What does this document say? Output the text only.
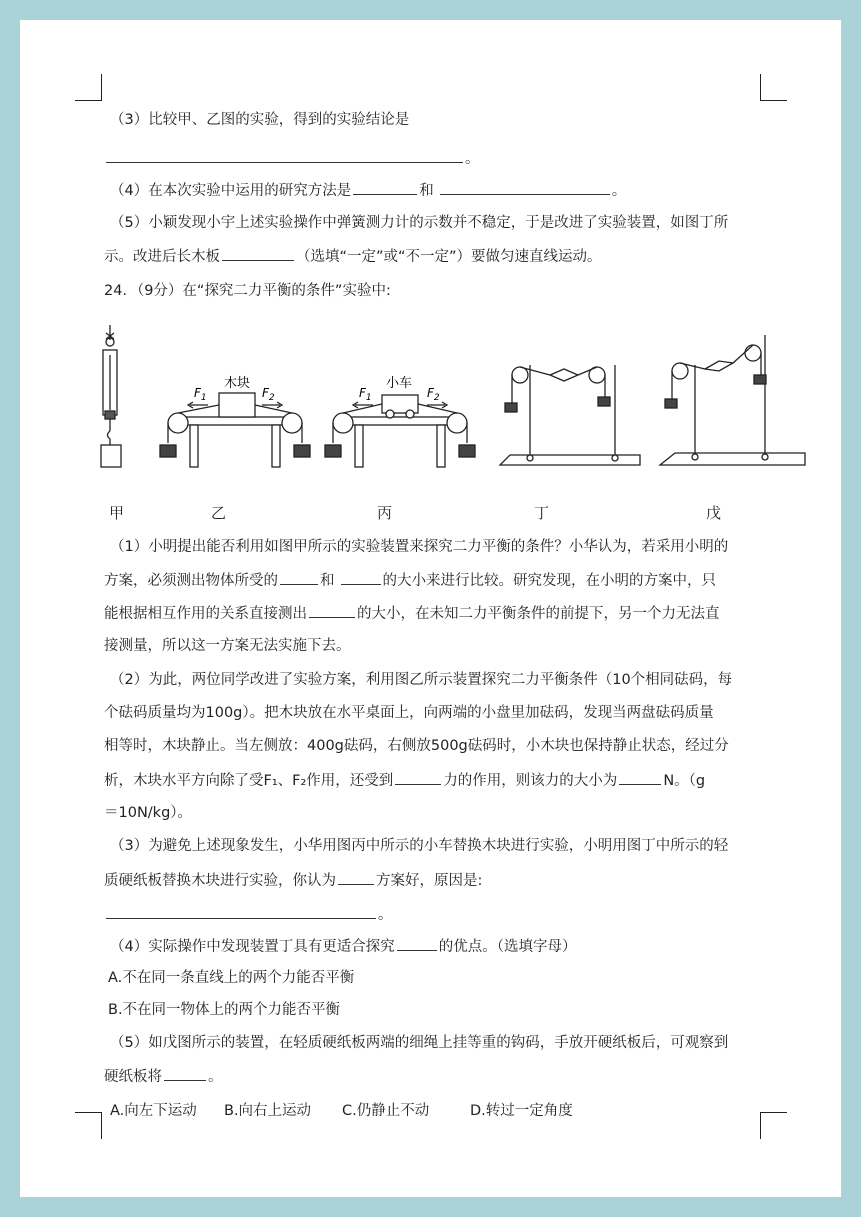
（3）比较甲、乙图的实验，得到的实验结论是
。
（4）在本次实验中运用的研究方法是	和	。
（5）小颖发现小宇上述实验操作中弹簧测力计的示数并不稳定，于是改进了实验装置，如图丁所
示。改进后长木板	（选填“一定”或“不一定”）要做匀速直线运动。
24．（9分）在“探究二力平衡的条件”实验中:
木块	小车
$F_1$	$F_2$	$F_1$	$F_2$
甲	乙	丙	丁	戊
（1）小明提出能否利用如图甲所示的实验装置来探究二力平衡的条件？小华认为，若采用小明的
方案，必须测出物体所受的	和	的大小来进行比较。研究发现，在小明的方案中，只
能根据相互作用的关系直接测出	的大小，在未知二力平衡条件的前提下，另一个力无法直
接测量，所以这一方案无法实施下去。
（2）为此，两位同学改进了实验方案，利用图乙所示装置探究二力平衡条件（10个相同砝码，每
个砝码质量均为100g）。把木块放在水平桌面上，向两端的小盘里加砝码，发现当两盘砝码质量
相等时，木块静止。当左侧放：400g砝码，右侧放500g砝码时，小木块也保持静止状态，经过分
析，木块水平方向除了受F₁、F₂作用，还受到	力的作用，则该力的大小为	N。（g
＝10N/kg）。
（3）为避免上述现象发生，小华用图丙中所示的小车替换木块进行实验，小明用图丁中所示的轻
质硬纸板替换木块进行实验，你认为	方案好，原因是:
。
（4）实际操作中发现装置丁具有更适合探究	的优点。（选填字母）
A.不在同一条直线上的两个力能否平衡
B.不在同一物体上的两个力能否平衡
（5）如戊图所示的装置，在轻质硬纸板两端的细绳上挂等重的钩码，手放开硬纸板后，可观察到
硬纸板将	。
A.向左下运动 B.向右上运动 C.仍静止不动	D.转过一定角度
